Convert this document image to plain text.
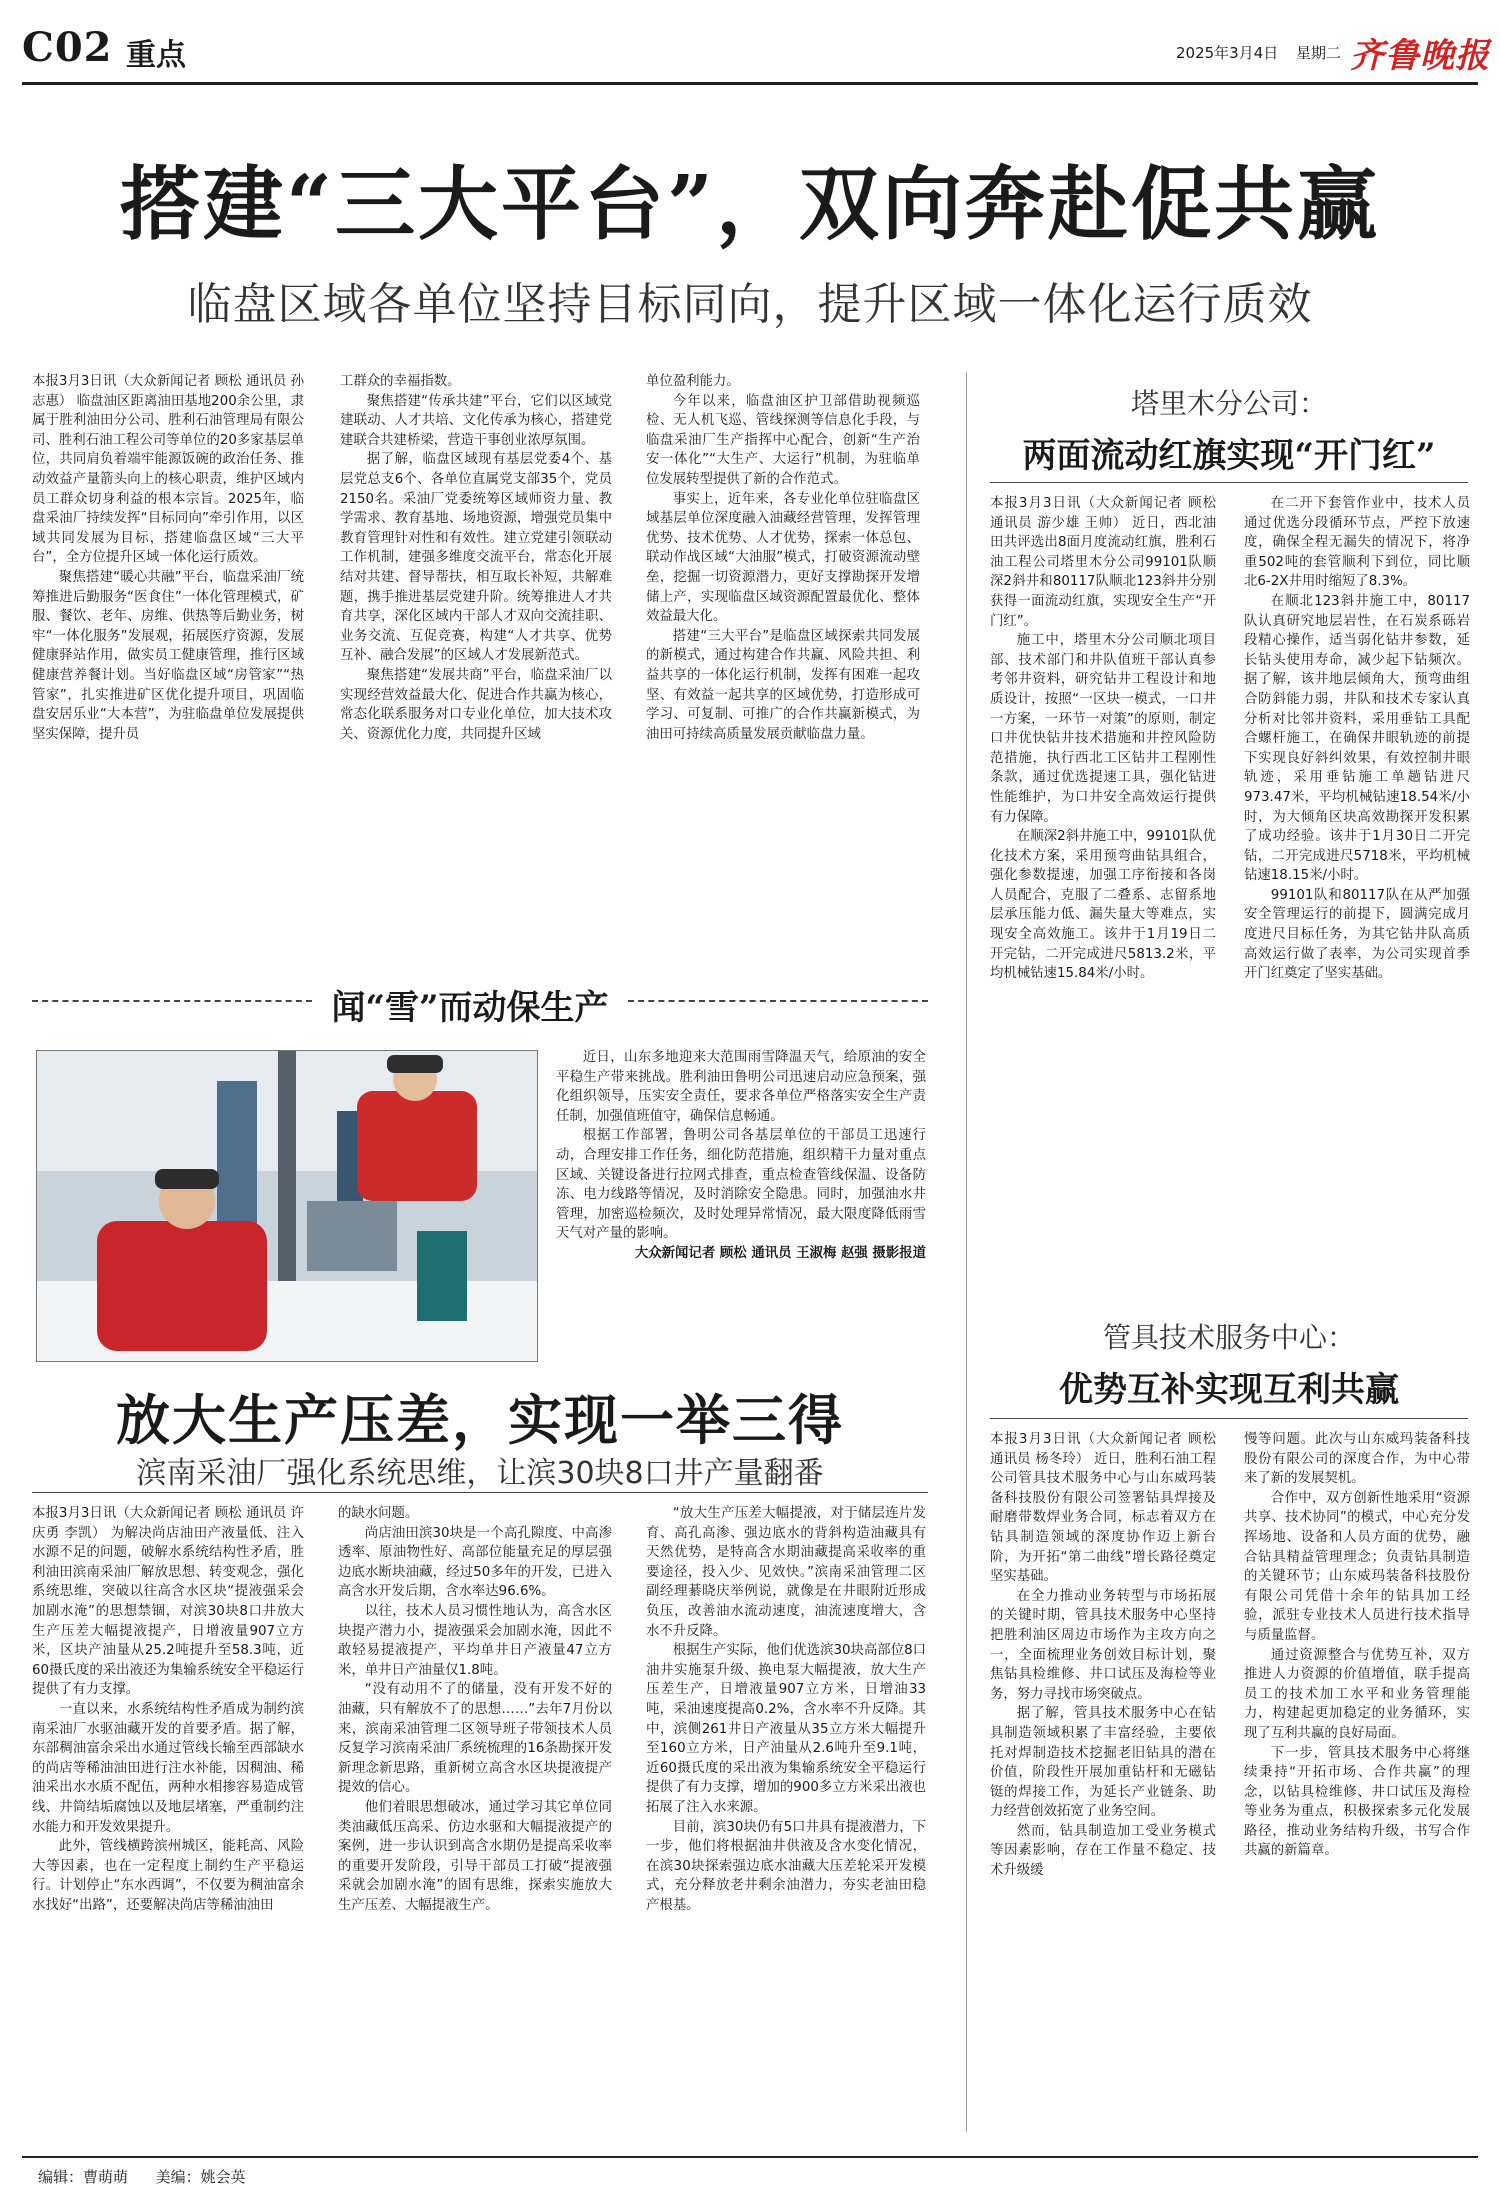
C02 重点	2025年3月4日 星期二 齐鲁晚报
搭建“三大平台”，双向奔赴促共赢
临盘区域各单位坚持目标同向，提升区域一体化运行质效

本报3月3日讯（大众新闻记者 顾松 通讯员 孙志惠） 临盘油区距离油田基地200余公里，隶属于胜利油田分公司、胜利石油管理局有限公司、胜利石油工程公司等单位的20多家基层单位，共同肩负着端牢能源饭碗的政治任务、推动效益产量箭头向上的核心职责，维护区域内员工群众切身利益的根本宗旨。2025年，临盘采油厂持续发挥“目标同向”牵引作用，以区域共同发展为目标，搭建临盘区域“三大平台”，全方位提升区域一体化运行质效。

聚焦搭建“暖心共融”平台，临盘采油厂统筹推进后勤服务“医食住”一体化管理模式，矿服、餐饮、老年、房维、供热等后勤业务，树牢“一体化服务”发展观，拓展医疗资源，发展健康驿站作用，做实员工健康管理，推行区域健康营养餐计划。当好临盘区域“房管家”“热管家”，扎实推进矿区优化提升项目，巩固临盘安居乐业“大本营”，为驻临盘单位发展提供坚实保障，提升员

工群众的幸福指数。

聚焦搭建“传承共建”平台，它们以区域党建联动、人才共培、文化传承为核心，搭建党建联合共建桥梁，营造干事创业浓厚氛围。

据了解，临盘区域现有基层党委4个、基层党总支6个、各单位直属党支部35个，党员2150名。采油厂党委统筹区域师资力量、教学需求、教育基地、场地资源，增强党员集中教育管理针对性和有效性。建立党建引领联动工作机制，建强多维度交流平台，常态化开展结对共建、督导帮扶，相互取长补短，共解难题，携手推进基层党建升阶。统筹推进人才共育共享，深化区域内干部人才双向交流挂职、业务交流、互促竞赛，构建“人才共享、优势互补、融合发展”的区域人才发展新范式。

聚焦搭建“发展共商”平台，临盘采油厂以实现经营效益最大化、促进合作共赢为核心，常态化联系服务对口专业化单位，加大技术攻关、资源优化力度，共同提升区域

单位盈利能力。

今年以来，临盘油区护卫部借助视频巡检、无人机飞巡、管线探测等信息化手段，与临盘采油厂生产指挥中心配合，创新“生产治安一体化”“大生产、大运行”机制，为驻临单位发展转型提供了新的合作范式。

事实上，近年来，各专业化单位驻临盘区域基层单位深度融入油藏经营管理，发挥管理优势、技术优势、人才优势，探索一体总包、联动作战区域“大油服”模式，打破资源流动壁垒，挖掘一切资源潜力，更好支撑勘探开发增储上产，实现临盘区域资源配置最优化、整体效益最大化。

搭建“三大平台”是临盘区域探索共同发展的新模式，通过构建合作共赢、风险共担、利益共享的一体化运行机制，发挥有困难一起攻坚、有效益一起共享的区域优势，打造形成可学习、可复制、可推广的合作共赢新模式，为油田可持续高质量发展贡献临盘力量。

闻“雪”而动保生产

近日，山东多地迎来大范围雨雪降温天气，给原油的安全平稳生产带来挑战。胜利油田鲁明公司迅速启动应急预案，强化组织领导，压实安全责任，要求各单位严格落实安全生产责任制，加强值班值守，确保信息畅通。

根据工作部署，鲁明公司各基层单位的干部员工迅速行动，合理安排工作任务，细化防范措施，组织精干力量对重点区域、关键设备进行拉网式排查，重点检查管线保温、设备防冻、电力线路等情况，及时消除安全隐患。同时，加强油水井管理，加密巡检频次，及时处理异常情况，最大限度降低雨雪天气对产量的影响。

大众新闻记者 顾松 通讯员 王淑梅 赵强 摄影报道

放大生产压差，实现一举三得
滨南采油厂强化系统思维，让滨30块8口井产量翻番

本报3月3日讯（大众新闻记者 顾松 通讯员 许庆勇 李凯） 为解决尚店油田产液量低、注入水源不足的问题，破解水系统结构性矛盾，胜利油田滨南采油厂解放思想、转变观念，强化系统思维，突破以往高含水区块“提液强采会加剧水淹”的思想禁锢，对滨30块8口井放大生产压差大幅提液提产，日增液量907立方米，区块产油量从25.2吨提升至58.3吨，近60摄氏度的采出液还为集输系统安全平稳运行提供了有力支撑。

一直以来，水系统结构性矛盾成为制约滨南采油厂水驱油藏开发的首要矛盾。据了解，东部稠油富余采出水通过管线长输至西部缺水的尚店等稀油油田进行注水补能，因稠油、稀油采出水水质不配伍，两种水相掺容易造成管线、井筒结垢腐蚀以及地层堵塞，严重制约注水能力和开发效果提升。

此外，管线横跨滨州城区，能耗高、风险大等因素，也在一定程度上制约生产平稳运行。计划停止“东水西调”，不仅要为稠油富余水找好“出路”，还要解决尚店等稀油油田

的缺水问题。

尚店油田滨30块是一个高孔隙度、中高渗透率、原油物性好、高部位能量充足的厚层强边底水断块油藏，经过50多年的开发，已进入高含水开发后期，含水率达96.6%。

以往，技术人员习惯性地认为，高含水区块提产潜力小，提液强采会加剧水淹，因此不敢轻易提液提产，平均单井日产液量47立方米，单井日产油量仅1.8吨。

“没有动用不了的储量，没有开发不好的油藏，只有解放不了的思想……”去年7月份以来，滨南采油管理二区领导班子带领技术人员反复学习滨南采油厂系统梳理的16条勘探开发新理念新思路，重新树立高含水区块提液提产提效的信心。

他们着眼思想破冰，通过学习其它单位同类油藏低压高采、仿边水驱和大幅提液提产的案例，进一步认识到高含水期仍是提高采收率的重要开发阶段，引导干部员工打破“提液强采就会加剧水淹”的固有思维，探索实施放大生产压差、大幅提液生产。

“放大生产压差大幅提液，对于储层连片发育、高孔高渗、强边底水的背斜构造油藏具有天然优势，是特高含水期油藏提高采收率的重要途径，投入少、见效快。”滨南采油管理二区副经理綦晓庆举例说，就像是在井眼附近形成负压，改善油水流动速度，油流速度增大，含水不升反降。

根据生产实际，他们优选滨30块高部位8口油井实施泵升级、换电泵大幅提液，放大生产压差生产，日增液量907立方米，日增油33吨，采油速度提高0.2%，含水率不升反降。其中，滨侧261井日产液量从35立方米大幅提升至160立方米，日产油量从2.6吨升至9.1吨，近60摄氏度的采出液为集输系统安全平稳运行提供了有力支撑，增加的900多立方米采出液也拓展了注入水来源。

目前，滨30块仍有5口井具有提液潜力，下一步，他们将根据油井供液及含水变化情况，在滨30块探索强边底水油藏大压差轮采开发模式，充分释放老井剩余油潜力，夯实老油田稳产根基。

塔里木分公司：
两面流动红旗实现“开门红”

本报3月3日讯（大众新闻记者 顾松 通讯员 游少雄 王帅） 近日，西北油田共评选出8面月度流动红旗，胜利石油工程公司塔里木分公司99101队顺深2斜井和80117队顺北123斜井分别获得一面流动红旗，实现安全生产“开门红”。

施工中，塔里木分公司顺北项目部、技术部门和井队值班干部认真参考邻井资料，研究钻井工程设计和地质设计，按照“一区块一模式，一口井一方案，一环节一对策”的原则，制定口井优快钻井技术措施和井控风险防范措施，执行西北工区钻井工程刚性条款，通过优选提速工具，强化钻进性能维护，为口井安全高效运行提供有力保障。

在顺深2斜井施工中，99101队优化技术方案，采用预弯曲钻具组合，强化参数提速，加强工序衔接和各岗人员配合，克服了二叠系、志留系地层承压能力低、漏失量大等难点，实现安全高效施工。该井于1月19日二开完钻，二开完成进尺5813.2米，平均机械钻速15.84米/小时。

在二开下套管作业中，技术人员通过优选分段循环节点，严控下放速度，确保全程无漏失的情况下，将净重502吨的套管顺利下到位，同比顺北6-2X井用时缩短了8.3%。

在顺北123斜井施工中，80117队认真研究地层岩性，在石炭系砾岩段精心操作，适当弱化钻井参数，延长钻头使用寿命，减少起下钻频次。据了解，该井地层倾角大，预弯曲组合防斜能力弱，井队和技术专家认真分析对比邻井资料，采用垂钻工具配合螺杆施工，在确保井眼轨迹的前提下实现良好斜纠效果，有效控制井眼轨迹，采用垂钻施工单趟钻进尺973.47米，平均机械钻速18.54米/小时，为大倾角区块高效勘探开发积累了成功经验。该井于1月30日二开完钻，二开完成进尺5718米，平均机械钻速18.15米/小时。

99101队和80117队在从严加强安全管理运行的前提下，圆满完成月度进尺目标任务，为其它钻井队高质高效运行做了表率，为公司实现首季开门红奠定了坚实基础。

管具技术服务中心：
优势互补实现互利共赢

本报3月3日讯（大众新闻记者 顾松 通讯员 杨冬玲） 近日，胜利石油工程公司管具技术服务中心与山东威玛装备科技股份有限公司签署钻具焊接及耐磨带数焊业务合同，标志着双方在钻具制造领域的深度协作迈上新台阶，为开拓“第二曲线”增长路径奠定坚实基础。

在全力推动业务转型与市场拓展的关键时期，管具技术服务中心坚持把胜利油区周边市场作为主攻方向之一，全面梳理业务创效目标计划，聚焦钻具检维修、井口试压及海检等业务，努力寻找市场突破点。

据了解，管具技术服务中心在钻具制造领域积累了丰富经验，主要依托对焊制造技术挖掘老旧钻具的潜在价值，阶段性开展加重钻杆和无磁钻铤的焊接工作，为延长产业链条、助力经营创效拓宽了业务空间。

然而，钻具制造加工受业务模式等因素影响，存在工作量不稳定、技术升级缓

慢等问题。此次与山东威玛装备科技股份有限公司的深度合作，为中心带来了新的发展契机。

合作中，双方创新性地采用“资源共享、技术协同”的模式，中心充分发挥场地、设备和人员方面的优势，融合钻具精益管理理念；负责钻具制造的关键环节；山东威玛装备科技股份有限公司凭借十余年的钻具加工经验，派驻专业技术人员进行技术指导与质量监督。

通过资源整合与优势互补，双方推进人力资源的价值增值，联手提高员工的技术加工水平和业务管理能力，构建起更加稳定的业务循环，实现了互利共赢的良好局面。

下一步，管具技术服务中心将继续秉持“开拓市场、合作共赢”的理念，以钻具检维修、井口试压及海检等业务为重点，积极探索多元化发展路径，推动业务结构升级，书写合作共赢的新篇章。

编辑：曹萌萌 美编：姚会英
